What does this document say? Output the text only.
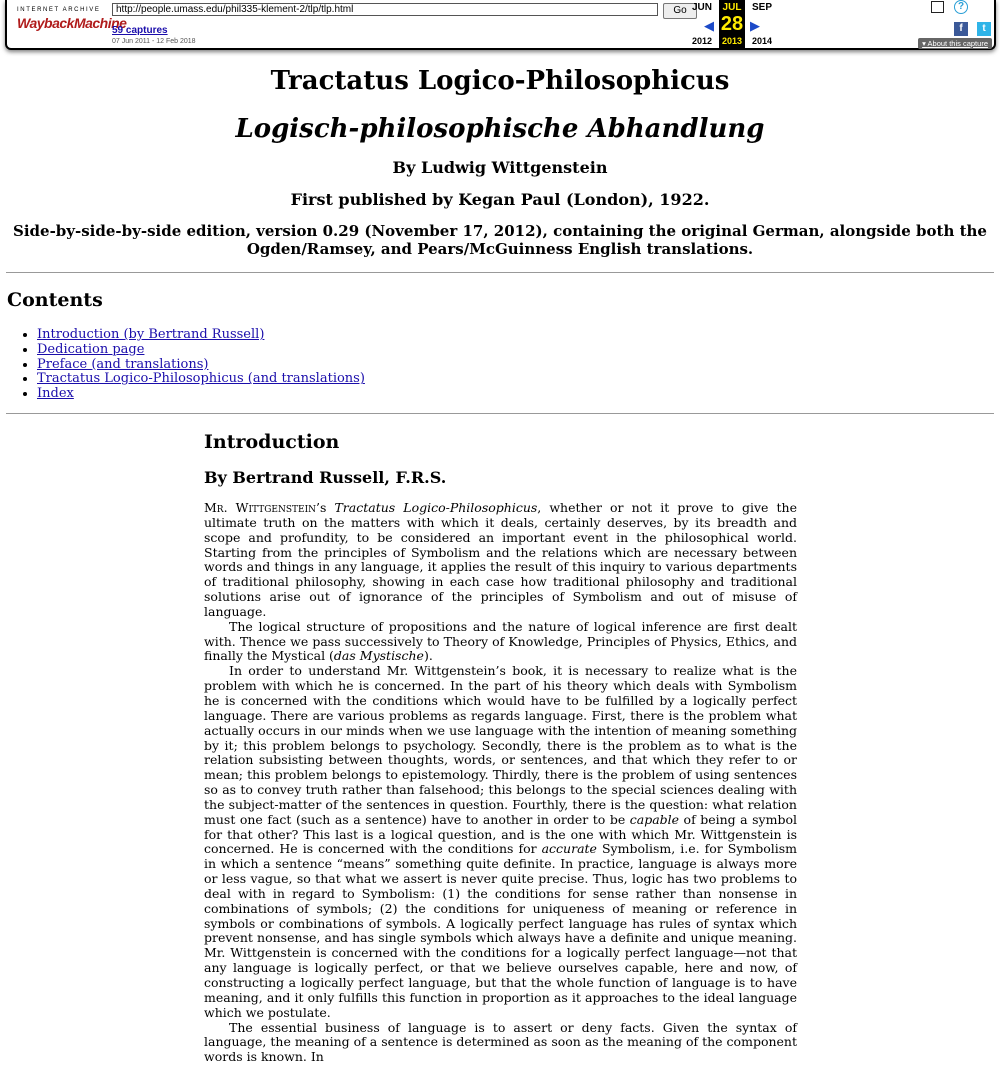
INTERNET ARCHIVE
WaybackMachine
http://people.umass.edu/phil335-klement-2/tlp/tlp.html	Go
59 captures
07 Jun 2011 - 12 Feb 2018
JUN
2012
JUL
28
2013
SEP
2014
◀	▶
?
f	t
▾ About this capture
Tractatus Logico-Philosophicus
Logisch-philosophische Abhandlung
By Ludwig Wittgenstein
First published by Kegan Paul (London), 1922.
Side-by-side-by-side edition, version 0.29 (November 17, 2012), containing the original German, alongside both the Ogden/Ramsey, and Pears/McGuinness English translations.
Contents
• Introduction (by Bertrand Russell)
• Dedication page
• Preface (and translations)
• Tractatus Logico-Philosophicus (and translations)
• Index
Introduction
By Bertrand Russell, F.R.S.

Mr. Wittgenstein’s Tractatus Logico-Philosophicus, whether or not it prove to give the ultimate truth on the matters with which it deals, certainly deserves, by its breadth and scope and profundity, to be considered an important event in the philosophical world. Starting from the principles of Symbolism and the relations which are necessary between words and things in any language, it applies the result of this inquiry to various departments of traditional philosophy, showing in each case how traditional philosophy and traditional solutions arise out of ignorance of the principles of Symbolism and out of misuse of language.

The logical structure of propositions and the nature of logical inference are first dealt with. Thence we pass successively to Theory of Knowledge, Principles of Physics, Ethics, and finally the Mystical (das Mystische).

In order to understand Mr. Wittgenstein’s book, it is necessary to realize what is the problem with which he is concerned. In the part of his theory which deals with Symbolism he is concerned with the conditions which would have to be fulfilled by a logically perfect language. There are various problems as regards language. First, there is the problem what actually occurs in our minds when we use language with the intention of meaning something by it; this problem belongs to psychology. Secondly, there is the problem as to what is the relation subsisting between thoughts, words, or sentences, and that which they refer to or mean; this problem belongs to epistemology. Thirdly, there is the problem of using sentences so as to convey truth rather than falsehood; this belongs to the special sciences dealing with the subject-matter of the sentences in question. Fourthly, there is the question: what relation must one fact (such as a sentence) have to another in order to be capable of being a symbol for that other? This last is a logical question, and is the one with which Mr. Wittgenstein is concerned. He is concerned with the conditions for accurate Symbolism, i.e. for Symbolism in which a sentence “means” something quite definite. In practice, language is always more or less vague, so that what we assert is never quite precise. Thus, logic has two problems to deal with in regard to Symbolism: (1) the conditions for sense rather than nonsense in combinations of symbols; (2) the conditions for uniqueness of meaning or reference in symbols or combinations of symbols. A logically perfect language has rules of syntax which prevent nonsense, and has single symbols which always have a definite and unique meaning. Mr. Wittgenstein is concerned with the conditions for a logically perfect language—not that any language is logically perfect, or that we believe ourselves capable, here and now, of constructing a logically perfect language, but that the whole function of language is to have meaning, and it only fulfills this function in proportion as it approaches to the ideal language which we postulate.

The essential business of language is to assert or deny facts. Given the syntax of language, the meaning of a sentence is determined as soon as the meaning of the component words is known. In
